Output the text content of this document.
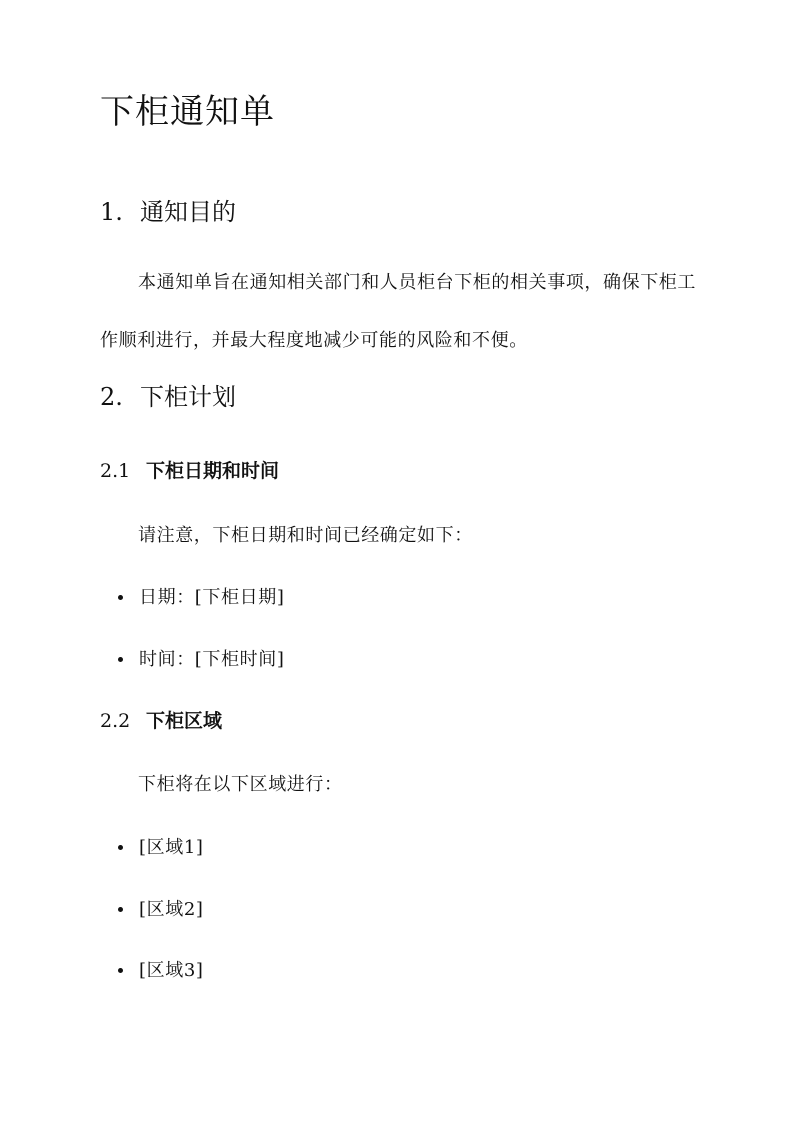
下柜通知单
1. 通知目的

本通知单旨在通知相关部门和人员柜台下柜的相关事项，确保下柜工作顺利进行，并最大程度地减少可能的风险和不便。

2. 下柜计划
2.1 下柜日期和时间

请注意，下柜日期和时间已经确定如下：

日期：[下柜日期]
时间：[下柜时间]
2.2 下柜区域

下柜将在以下区域进行：

[区域1]
[区域2]
[区域3]
